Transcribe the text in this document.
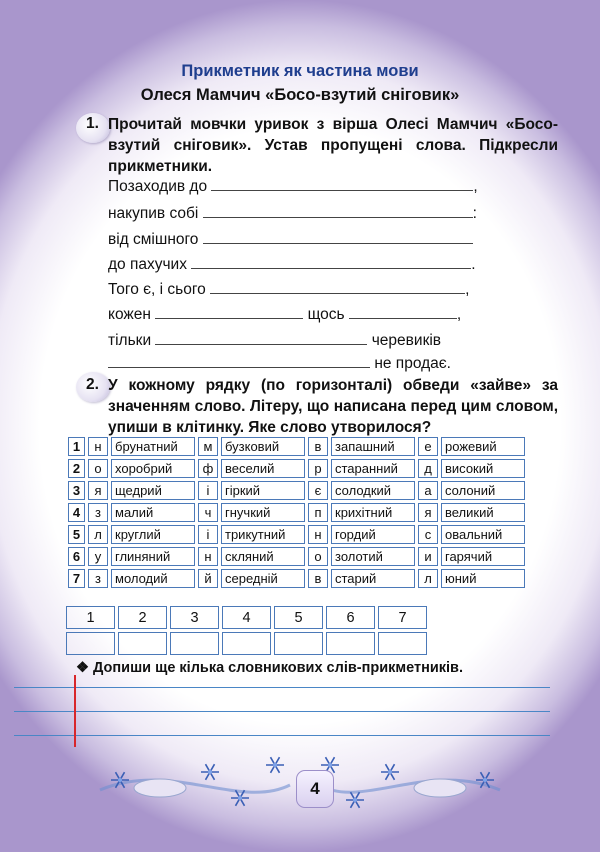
Прикметник як частина мови
Олеся Мамчич «Босо-взутий сніговик»
1. Прочитай мовчки уривок з вірша Олесі Мамчич «Босо-взутий сніговик». Устав пропущені слова. Підкресли прикметники.
Позаходив до	,
накупив собі	:
від смішного
до пахучих	.
Того є, і сього	,
кожен	щось	,
тільки	черевиків
не продає.
2. У кожному рядку (по горизонталі) обведи «зайве» за значенням слово. Літеру, що написана перед цим словом, упиши в клітинку. Яке слово утворилося?
1	н	брунатний	м	бузковий	в	запашний	е	рожевий
2	о	хоробрий	ф	веселий	р	старанний	д	високий
3	я	щедрий	і	гіркий	є	солодкий	а	солоний
4	з	малий	ч	гнучкий	п	крихітний	я	великий
5	л	круглий	і	трикутний	н	гордий	с	овальний
6	у	глиняний	н	скляний	о	золотий	и	гарячий
7	з	молодий	й	середній	в	старий	л	юний
1	2	3	4	5	6	7

❖ Допиши ще кілька словникових слів-прикметників.
4
